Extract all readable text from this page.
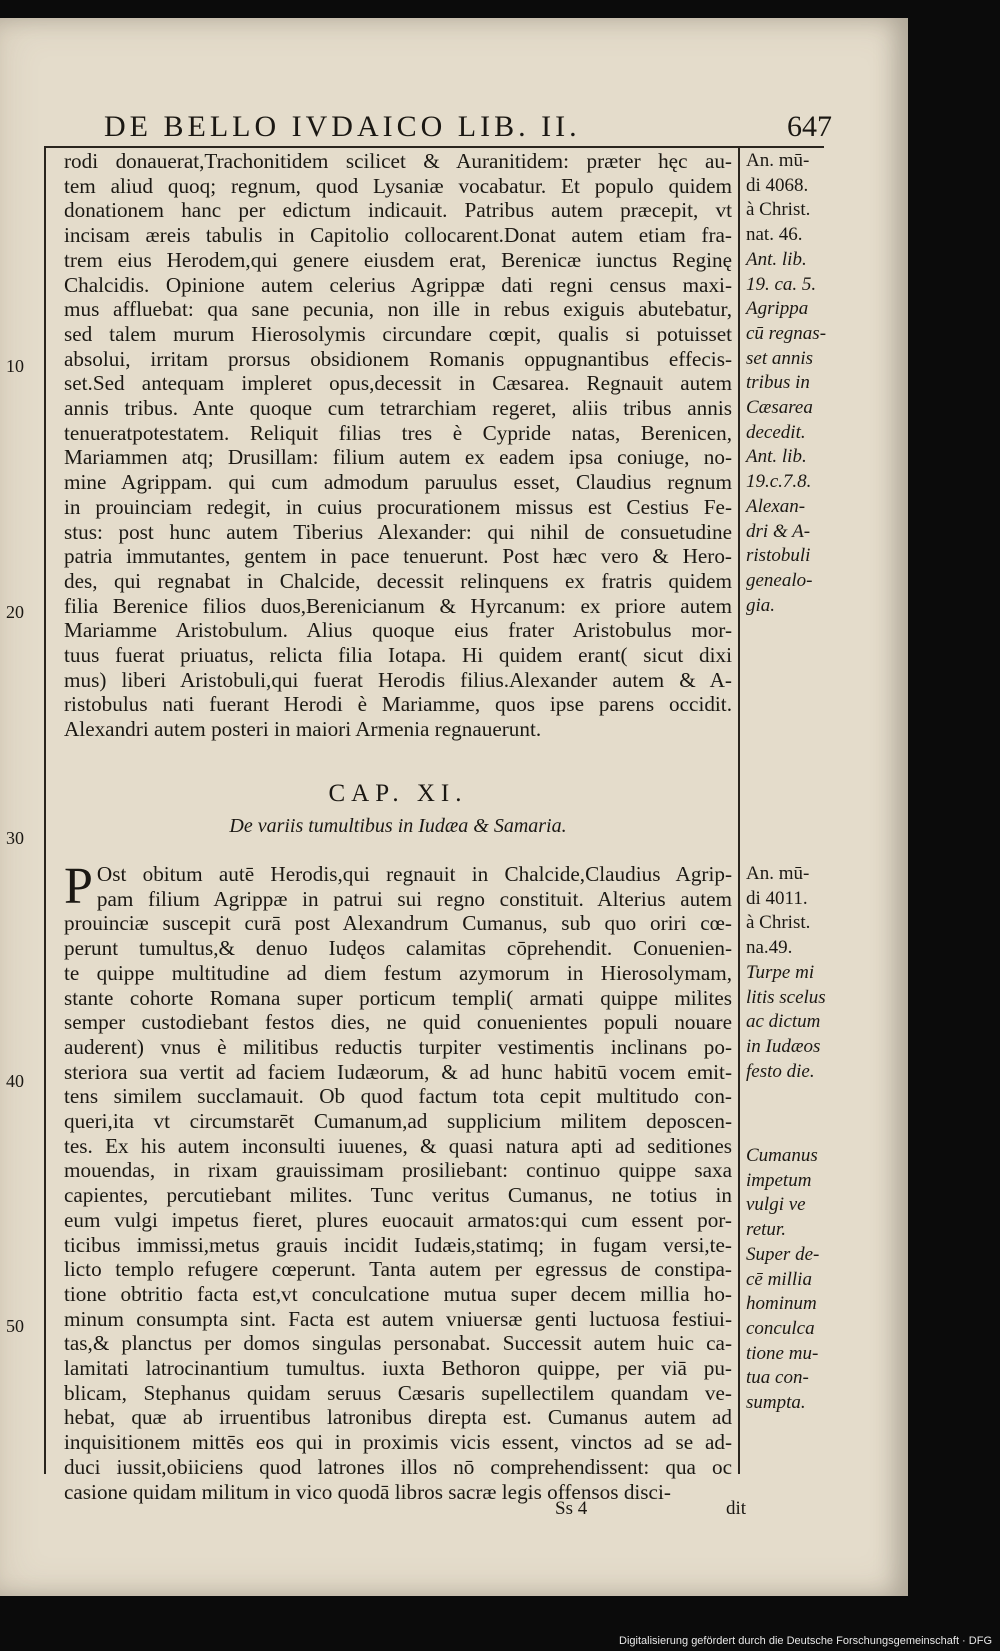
DE BELLO IVDAICO LIB. II.	647
10
20
30
40
50
rodi donauerat,Trachonitidem scilicet & Auranitidem: præter hęc au-
tem aliud quoq; regnum, quod Lysaniæ vocabatur. Et populo quidem
donationem hanc per edictum indicauit. Patribus autem præcepit, vt
incisam æreis tabulis in Capitolio collocarent.Donat autem etiam fra-
trem eius Herodem,qui genere eiusdem erat, Berenicæ iunctus Reginę
Chalcidis. Opinione autem celerius Agrippæ dati regni census maxi-
mus affluebat: qua sane pecunia, non ille in rebus exiguis abutebatur,
sed talem murum Hierosolymis circundare cœpit, qualis si potuisset
absolui, irritam prorsus obsidionem Romanis oppugnantibus effecis-
set.Sed antequam impleret opus,decessit in Cæsarea. Regnauit autem
annis tribus. Ante quoque cum tetrarchiam regeret, aliis tribus annis
tenueratpotestatem. Reliquit filias tres è Cypride natas, Berenicen,
Mariammen atq; Drusillam: filium autem ex eadem ipsa coniuge, no-
mine Agrippam. qui cum admodum paruulus esset, Claudius regnum
in prouinciam redegit, in cuius procurationem missus est Cestius Fe-
stus: post hunc autem Tiberius Alexander: qui nihil de consuetudine
patria immutantes, gentem in pace tenuerunt. Post hæc vero & Hero-
des, qui regnabat in Chalcide, decessit relinquens ex fratris quidem
filia Berenice filios duos,Berenicianum & Hyrcanum: ex priore autem
Mariamme Aristobulum. Alius quoque eius frater Aristobulus mor-
tuus fuerat priuatus, relicta filia Iotapa. Hi quidem erant( sicut dixi
mus) liberi Aristobuli,qui fuerat Herodis filius.Alexander autem & A-
ristobulus nati fuerant Herodi è Mariamme, quos ipse parens occidit.
Alexandri autem posteri in maiori Armenia regnauerunt.
CAP. XI.
De variis tumultibus in Iudæa & Samaria.
P Ost obitum autē Herodis,qui regnauit in Chalcide,Claudius Agrip-
pam filium Agrippæ in patrui sui regno constituit. Alterius autem
prouinciæ suscepit curā post Alexandrum Cumanus, sub quo oriri cœ-
perunt tumultus,& denuo Iudęos calamitas cōprehendit. Conuenien-
te quippe multitudine ad diem festum azymorum in Hierosolymam,
stante cohorte Romana super porticum templi( armati quippe milites
semper custodiebant festos dies, ne quid conuenientes populi nouare
auderent) vnus è militibus reductis turpiter vestimentis inclinans po-
steriora sua vertit ad faciem Iudæorum, & ad hunc habitū vocem emit-
tens similem succlamauit. Ob quod factum tota cepit multitudo con-
queri,ita vt circumstarēt Cumanum,ad supplicium militem deposcen-
tes. Ex his autem inconsulti iuuenes, & quasi natura apti ad seditiones
mouendas, in rixam grauissimam prosiliebant: continuo quippe saxa
capientes, percutiebant milites. Tunc veritus Cumanus, ne totius in
eum vulgi impetus fieret, plures euocauit armatos:qui cum essent por-
ticibus immissi,metus grauis incidit Iudæis,statimq; in fugam versi,te-
licto templo refugere cœperunt. Tanta autem per egressus de constipa-
tione obtritio facta est,vt conculcatione mutua super decem millia ho-
minum consumpta sint. Facta est autem vniuersæ genti luctuosa festiui-
tas,& planctus per domos singulas personabat. Successit autem huic ca-
lamitati latrocinantium tumultus. iuxta Bethoron quippe, per viā pu-
blicam, Stephanus quidam seruus Cæsaris supellectilem quandam ve-
hebat, quæ ab irruentibus latronibus direpta est. Cumanus autem ad
inquisitionem mittēs eos qui in proximis vicis essent, vinctos ad se ad-
duci iussit,obiiciens quod latrones illos nō comprehendissent: qua oc
casione quidam militum in vico quodā libros sacræ legis offensos disci-
An. mū-
di 4068.
à Christ.
nat. 46.
Ant. lib.
19. ca. 5.
Agrippa
cū regnas-
set annis
tribus in
Cæsarea
decedit.
Ant. lib.
19.c.7.8.
Alexan-
dri & A-
ristobuli
genealo-
gia.
An. mū-
di 4011.
à Christ.
na.49.
Turpe mi
litis scelus
ac dictum
in Iudæos
festo die.
Cumanus
impetum
vulgi ve
retur.
Super de-
cē millia
hominum
conculca
tione mu-
tua con-
sumpta.
Ss 4	dit
Digitalisierung gefördert durch die Deutsche Forschungsgemeinschaft · DFG
